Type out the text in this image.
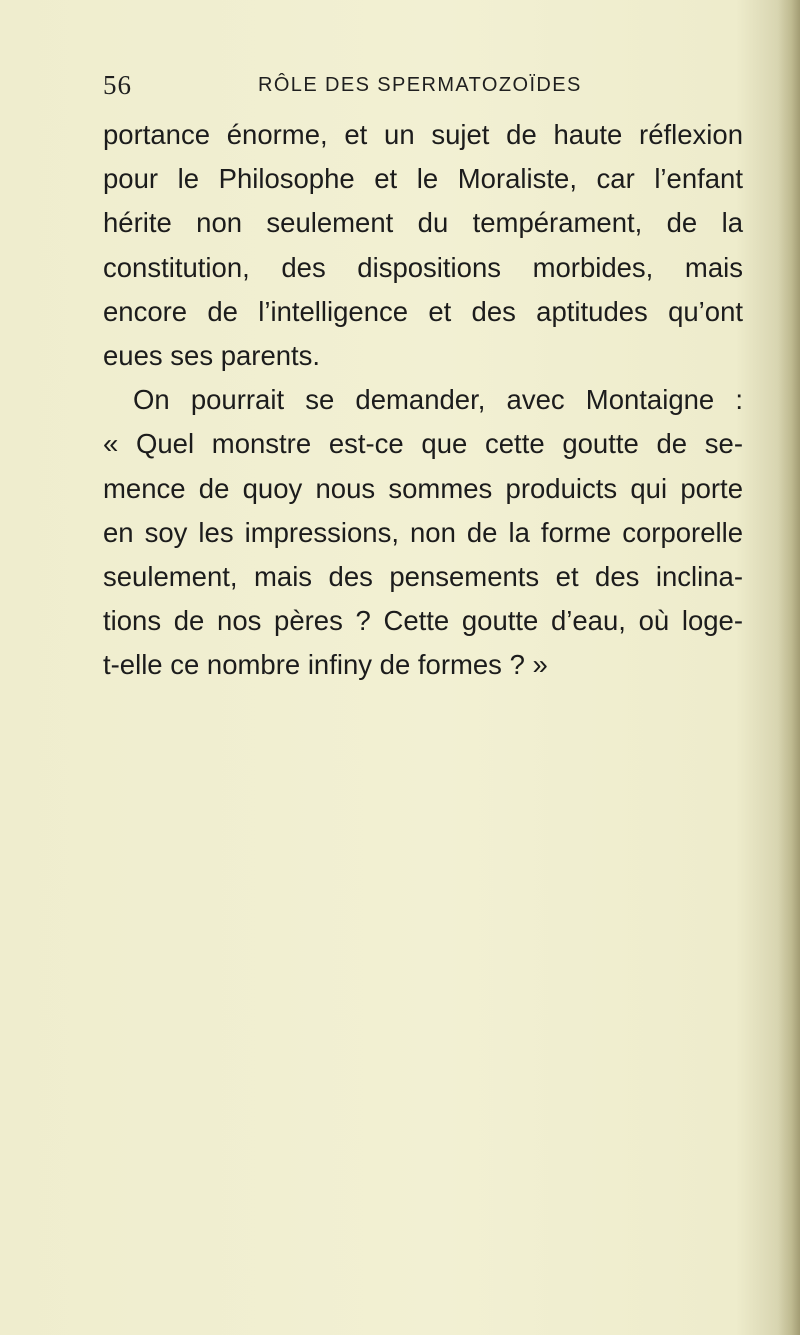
56	RÔLE DES SPERMATOZOÏDES
portance énorme, et un sujet de haute réflexion
pour le Philosophe et le Moraliste, car l’enfant
hérite non seulement du tempérament, de la
constitution, des dispositions morbides, mais
encore de l’intelligence et des aptitudes qu’ont
eues ses parents.
On pourrait se demander, avec Montaigne :
« Quel monstre est-ce que cette goutte de se-
mence de quoy nous sommes produicts qui porte
en soy les impressions, non de la forme corporelle
seulement, mais des pensements et des inclina-
tions de nos pères ? Cette goutte d’eau, où loge-
t-elle ce nombre infiny de formes ? »
